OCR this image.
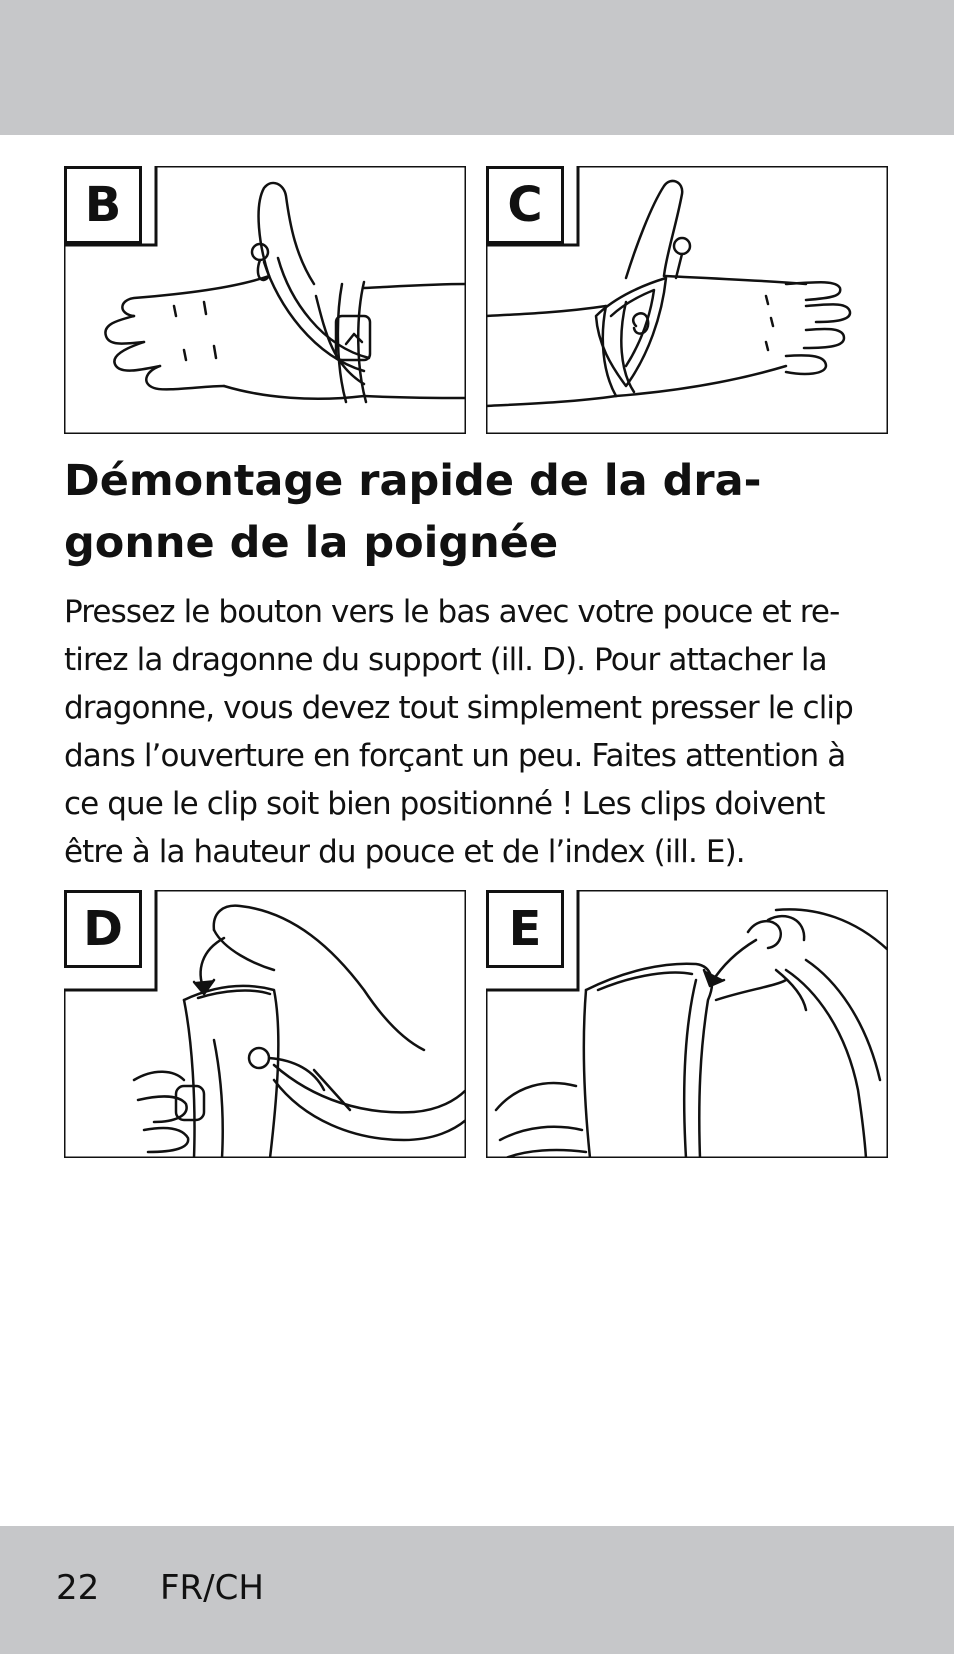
B	C
Démontage rapide de la dra-
gonne de la poignée

Pressez le bouton vers le bas avec votre pouce et re-
tirez la dragonne du support (ill. D). Pour attacher la
dragonne, vous devez tout simplement presser le clip
dans l’ouverture en forçant un peu. Faites attention à
ce que le clip soit bien positionné ! Les clips doivent
être à la hauteur du pouce et de l’index (ill. E).

D	E
22 FR/CH
